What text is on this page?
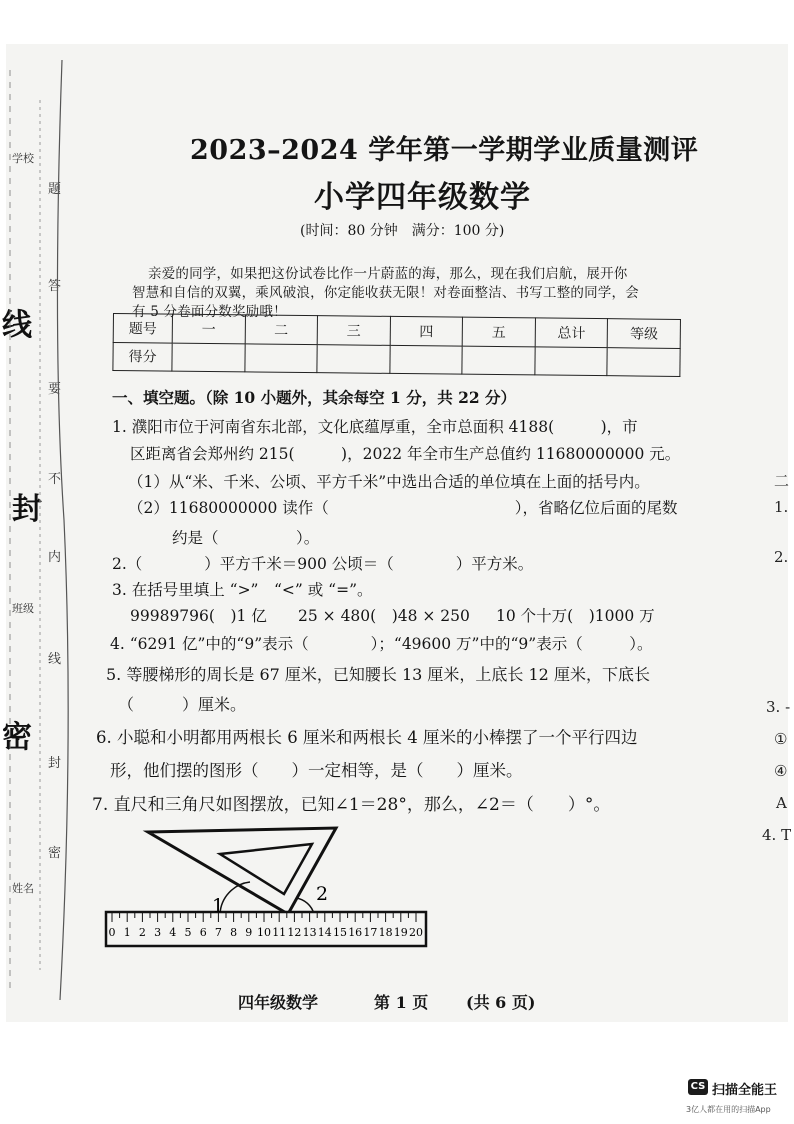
题
答
要
不
内
线
封
密
线
封
密
学校
班级
姓名
2023–2024 学年第一学期学业质量测评
小学四年级数学
(时间：80 分钟　满分：100 分)
亲爱的同学，如果把这份试卷比作一片蔚蓝的海，那么，现在我们启航，展开你
智慧和自信的双翼，乘风破浪，你定能收获无限！对卷面整洁、书写工整的同学，会
有 5 分卷面分数奖励哦！
题号	一	二	三	四	五	总计	等级
得分							
一、填空题。（除 10 小题外，其余每空 1 分，共 22 分）
1. 濮阳市位于河南省东北部，文化底蕴厚重，全市总面积 4188(　　　)，市
区距离省会郑州约 215(　　　)，2022 年全市生产总值约 11680000000 元。
（1）从“米、千米、公顷、平方千米”中选出合适的单位填在上面的括号内。
（2）11680000000 读作（　　　　　　　　　　　　），省略亿位后面的尾数
约是（　　　　　）。
2.（　　　　）平方千米＝900 公顷＝（　　　　）平方米。
3. 在括号里填上 “>”　“<” 或 “=”。
99989796(　)1 亿 25 × 480(　)48 × 250 10 个十万(　)1000 万
4. “6291 亿”中的“9”表示（　　　　）；“49600 万”中的“9”表示（　　　）。
5. 等腰梯形的周长是 67 厘米，已知腰长 13 厘米，上底长 12 厘米，下底长
（　　　）厘米。
6. 小聪和小明都用两根长 6 厘米和两根长 4 厘米的小棒摆了一个平行四边
形，他们摆的图形（　　）一定相等，是（　　）厘米。
7. 直尺和三角尺如图摆放，已知∠1＝28°，那么，∠2＝（　　）°。
0 1 2 3 4 5 6 7 8 9 10 11 12 13 14 15 16 17 18 19 20
1
2
四年级数学	第 1 页 (共 6 页)
二
1.
2.
3. -
①
④
A
4. T
CS 扫描全能王
3亿人都在用的扫描App
